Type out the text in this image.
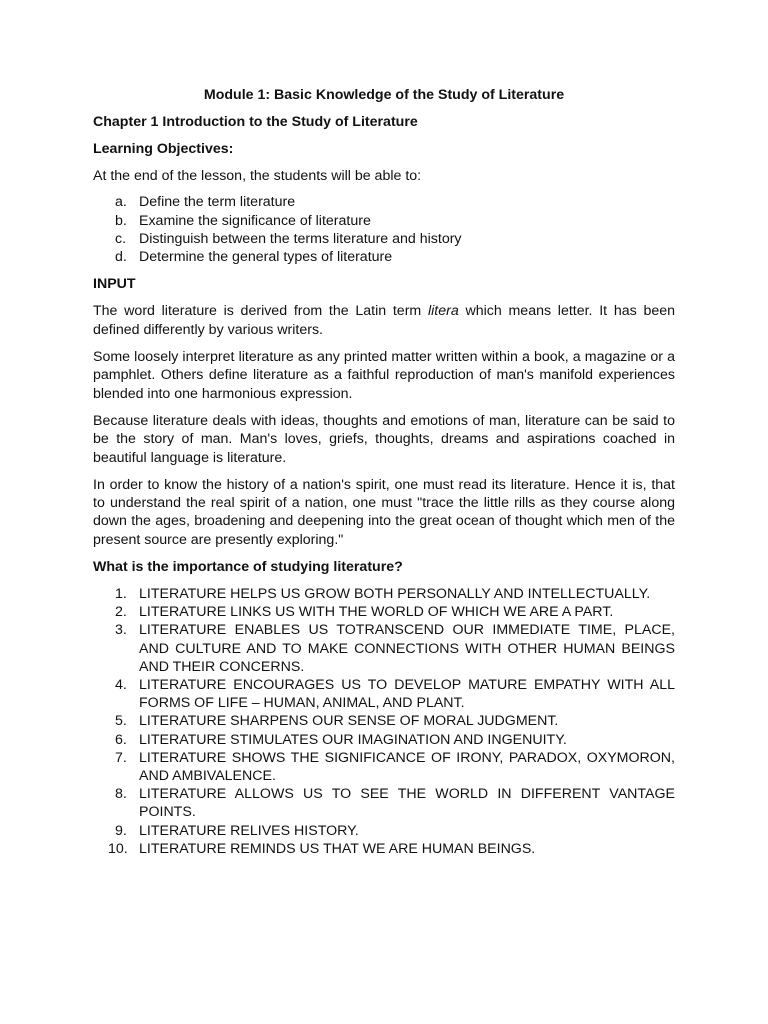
Module 1: Basic Knowledge of the Study of Literature
Chapter 1 Introduction to the Study of Literature
Learning Objectives:

At the end of the lesson, the students will be able to:

a. Define the term literature
b. Examine the significance of literature
c. Distinguish between the terms literature and history
d. Determine the general types of literature
INPUT

The word literature is derived from the Latin term litera which means letter. It has been defined differently by various writers.

Some loosely interpret literature as any printed matter written within a book, a magazine or a pamphlet. Others define literature as a faithful reproduction of man's manifold experiences blended into one harmonious expression.

Because literature deals with ideas, thoughts and emotions of man, literature can be said to be the story of man. Man's loves, griefs, thoughts, dreams and aspirations coached in beautiful language is literature.

In order to know the history of a nation's spirit, one must read its literature. Hence it is, that to understand the real spirit of a nation, one must "trace the little rills as they course along down the ages, broadening and deepening into the great ocean of thought which men of the present source are presently exploring."

What is the importance of studying literature?
1. LITERATURE HELPS US GROW BOTH PERSONALLY AND INTELLECTUALLY.
2. LITERATURE LINKS US WITH THE WORLD OF WHICH WE ARE A PART.
3. LITERATURE ENABLES US TOTRANSCEND OUR IMMEDIATE TIME, PLACE, AND CULTURE AND TO MAKE CONNECTIONS WITH OTHER HUMAN BEINGS AND THEIR CONCERNS.
4. LITERATURE ENCOURAGES US TO DEVELOP MATURE EMPATHY WITH ALL FORMS OF LIFE – HUMAN, ANIMAL, AND PLANT.
5. LITERATURE SHARPENS OUR SENSE OF MORAL JUDGMENT.
6. LITERATURE STIMULATES OUR IMAGINATION AND INGENUITY.
7. LITERATURE SHOWS THE SIGNIFICANCE OF IRONY, PARADOX, OXYMORON, AND AMBIVALENCE.
8. LITERATURE ALLOWS US TO SEE THE WORLD IN DIFFERENT VANTAGE POINTS.
9. LITERATURE RELIVES HISTORY.
10. LITERATURE REMINDS US THAT WE ARE HUMAN BEINGS.
